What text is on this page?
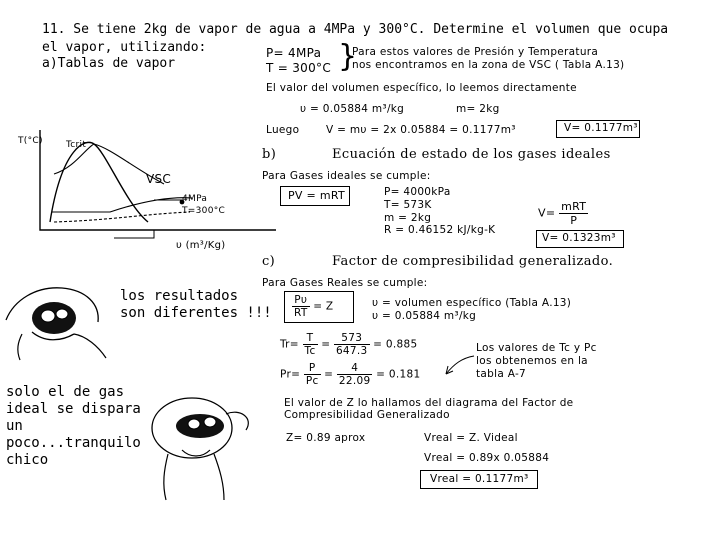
11. Se tiene 2kg de vapor de agua a 4MPa y 300°C. Determine el volumen que ocupa
el vapor, utilizando:
a)Tablas de vapor
P= 4MPa
T = 300°C }
Para estos valores de Presión y Temperatura
nos encontramos en la zona de VSC ( Tabla A.13)
El valor del volumen específico, lo leemos directamente
υ = 0.05884 m³/kg	m= 2kg
Luego	V = mυ = 2x 0.05884 = 0.1177m³	V= 0.1177m³
T(°C)	Tcrit
VSC
4MPa
T=300°C
υ (m³/Kg)
b)	Ecuación de estado de los gases ideales
Para Gases ideales se cumple:
PV = mRT	P= 4000kPa
T= 573K
m = 2kg
R = 0.46152 kJ/kg-K
$V= \frac{\text{mRT}}{P}$
V= 0.1323m³
c)	Factor de compresibilidad generalizado.
Para Gases Reales se cumple:
$\frac{P\upsilon}{RT} = Z$	υ = volumen específico (Tabla A.13)
υ = 0.05884 m³/kg
$Tr= \frac{T}{Tc} = \frac{573}{647.3} = 0.885$
$Pr= \frac{P}{Pc} = \frac{4}{22.09} = 0.181$
Los valores de Tc y Pc
los obtenemos en la
tabla A-7
El valor de Z lo hallamos del diagrama del Factor de
Compresibilidad Generalizado
Z= 0.89 aprox	Vreal = Z. Videal
Vreal = 0.89x 0.05884
Vreal = 0.1177m³
los resultados
son diferentes !!!
solo el de gas
ideal se dispara
un
poco...tranquilo
chico
